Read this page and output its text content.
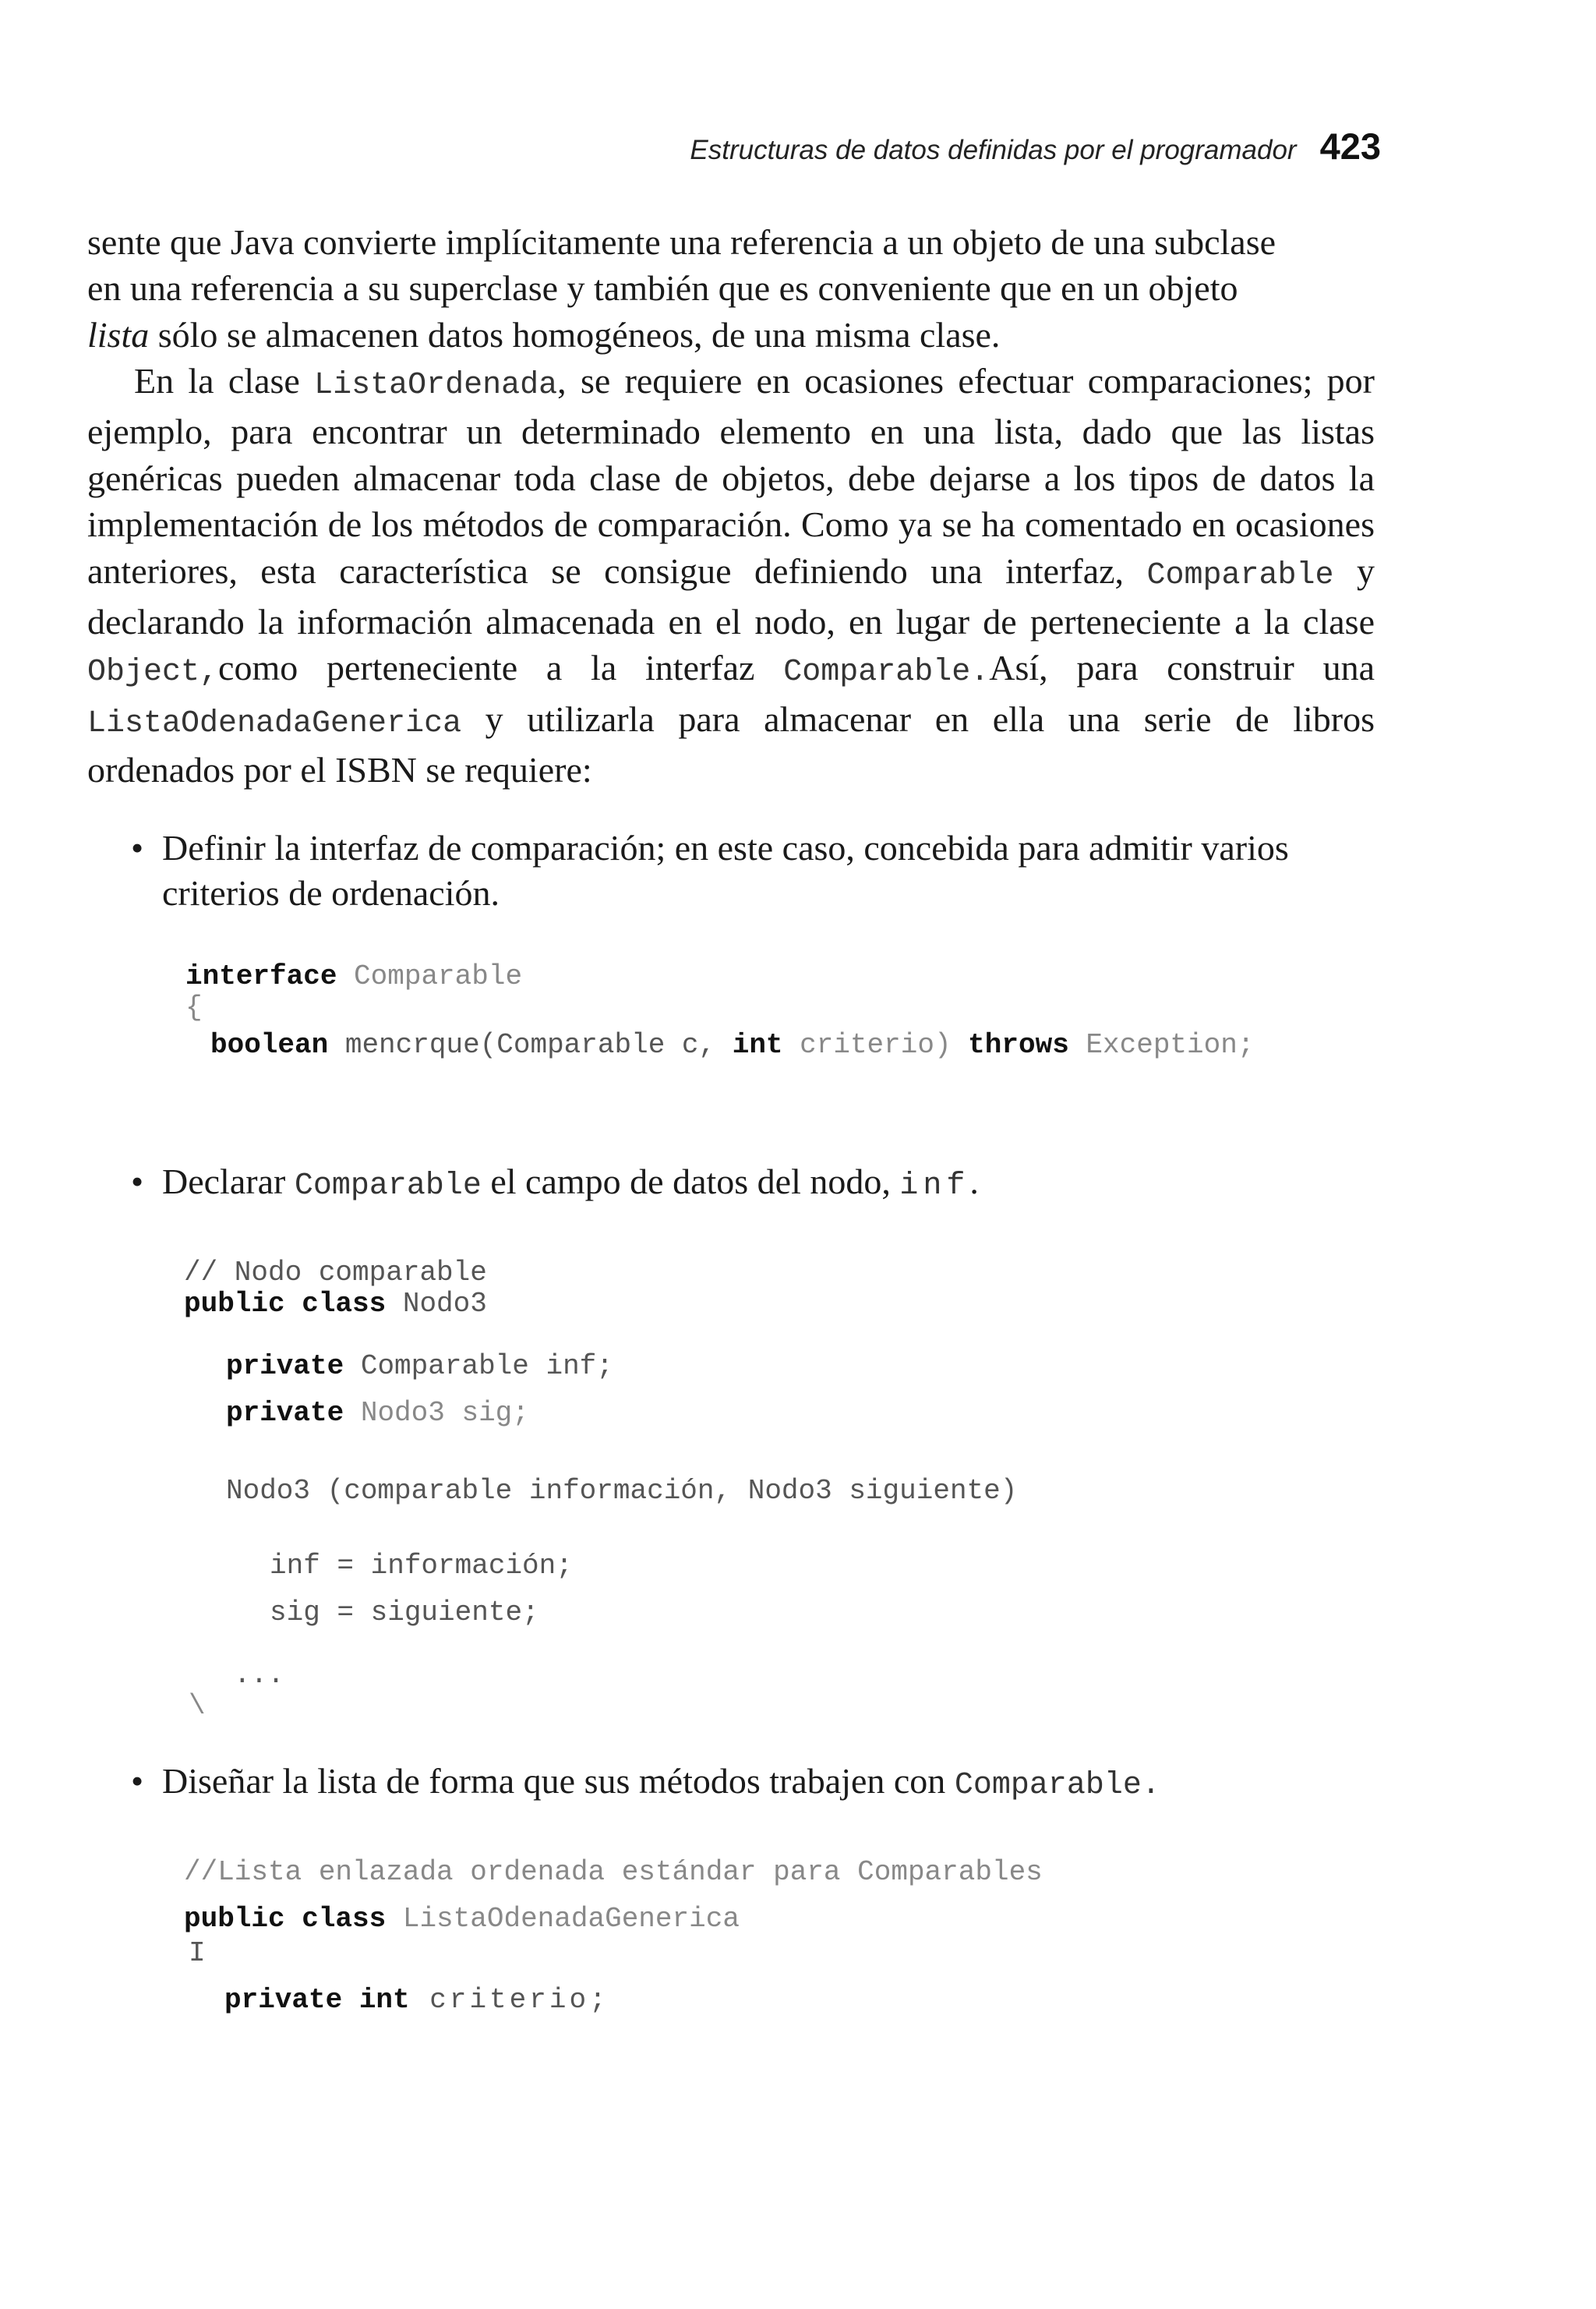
Estructuras de datos definidas por el programador 423

sente que Java convierte implícitamente una referencia a un objeto de una subclase

en una referencia a su superclase y también que es conveniente que en un objeto

lista sólo se almacenen datos homogéneos, de una misma clase.

En la clase ListaOrdenada, se requiere en ocasiones efectuar comparaciones; por ejemplo, para encontrar un determinado elemento en una lista, dado que las listas genéricas pueden almacenar toda clase de objetos, debe dejarse a los tipos de datos la implementación de los métodos de comparación. Como ya se ha comentado en ocasiones anteriores, esta característica se consigue definiendo una interfaz, Comparable y declarando la información almacenada en el nodo, en lugar de perteneciente a la clase Object,como perteneciente a la interfaz Comparable.Así, para construir una ListaOdenadaGenerica y utilizarla para almacenar en ella una serie de libros ordenados por el ISBN se requiere:

• Definir la interfaz de comparación; en este caso, concebida para admitir varios criterios de ordenación.
interface Comparable
{
boolean mencrque(Comparable c, int criterio) throws Exception;
• Declarar Comparable el campo de datos del nodo, inf.
// Nodo comparable
public class Nodo3
private Comparable inf;
private Nodo3 sig;
Nodo3 (comparable información, Nodo3 siguiente)
inf = información;
sig = siguiente;
...
\
• Diseñar la lista de forma que sus métodos trabajen con Comparable.
//Lista enlazada ordenada estándar para Comparables
public class ListaOdenadaGenerica
I
private int criterio;
